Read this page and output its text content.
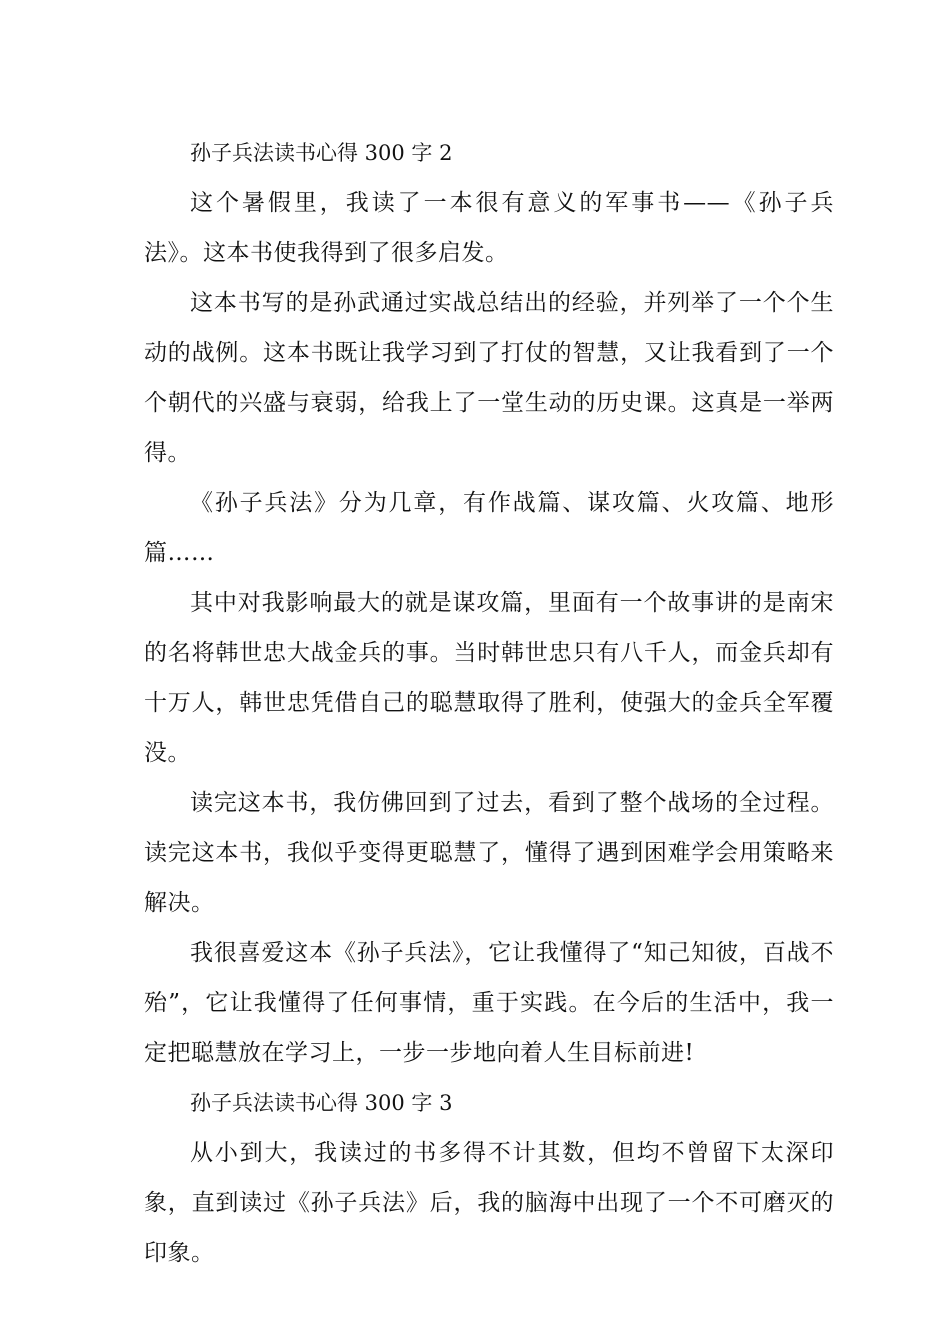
孙子兵法读书心得 300 字 2

这个暑假里，我读了一本很有意义的军事书——《孙子兵法》。这本书使我得到了很多启发。

这本书写的是孙武通过实战总结出的经验，并列举了一个个生动的战例。这本书既让我学习到了打仗的智慧，又让我看到了一个个朝代的兴盛与衰弱，给我上了一堂生动的历史课。这真是一举两得。

《孙子兵法》分为几章，有作战篇、谋攻篇、火攻篇、地形篇……

其中对我影响最大的就是谋攻篇，里面有一个故事讲的是南宋的名将韩世忠大战金兵的事。当时韩世忠只有八千人，而金兵却有十万人，韩世忠凭借自己的聪慧取得了胜利，使强大的金兵全军覆没。

读完这本书，我仿佛回到了过去，看到了整个战场的全过程。读完这本书，我似乎变得更聪慧了，懂得了遇到困难学会用策略来解决。

我很喜爱这本《孙子兵法》，它让我懂得了“知己知彼，百战不殆”，它让我懂得了任何事情，重于实践。在今后的生活中，我一定把聪慧放在学习上，一步一步地向着人生目标前进!

孙子兵法读书心得 300 字 3

从小到大，我读过的书多得不计其数，但均不曾留下太深印象，直到读过《孙子兵法》后，我的脑海中出现了一个不可磨灭的印象。
